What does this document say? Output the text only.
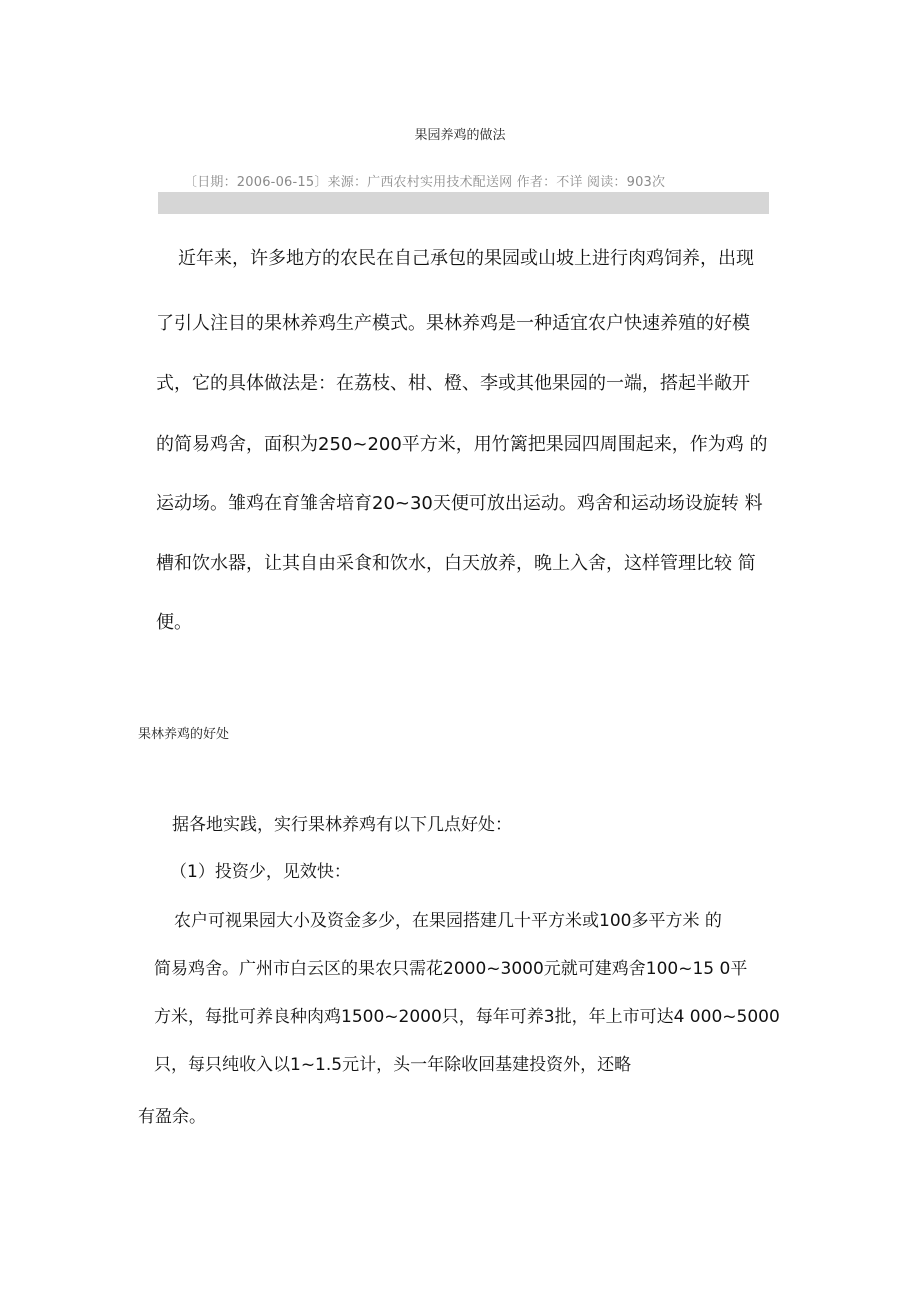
果园养鸡的做法
〔日期：2006-06-15〕来源：广西农村实用技术配送网 作者：不详 阅读：903次
近年来，许多地方的农民在自己承包的果园或山坡上进行肉鸡饲养，出现
了引人注目的果林养鸡生产模式。果林养鸡是一种适宜农户快速养殖的好模
式，它的具体做法是：在荔枝、柑、橙、李或其他果园的一端，搭起半敞开
的简易鸡舍，面积为250~200平方米，用竹篱把果园四周围起来，作为鸡 的
运动场。雏鸡在育雏舍培育20~30天便可放出运动。鸡舍和运动场设旋转 料
槽和饮水器，让其自由采食和饮水，白天放养，晚上入舍，这样管理比较 简
便。
果林养鸡的好处
据各地实践，实行果林养鸡有以下几点好处：
（1）投资少，见效快：
农户可视果园大小及资金多少，在果园搭建几十平方米或100多平方米 的
简易鸡舍。广州市白云区的果农只需花2000~3000元就可建鸡舍100~15 0平
方米，每批可养良种肉鸡1500~2000只，每年可养3批，年上市可达4 000~5000
只，每只纯收入以1~1.5元计，头一年除收回基建投资外，还略
有盈余。
